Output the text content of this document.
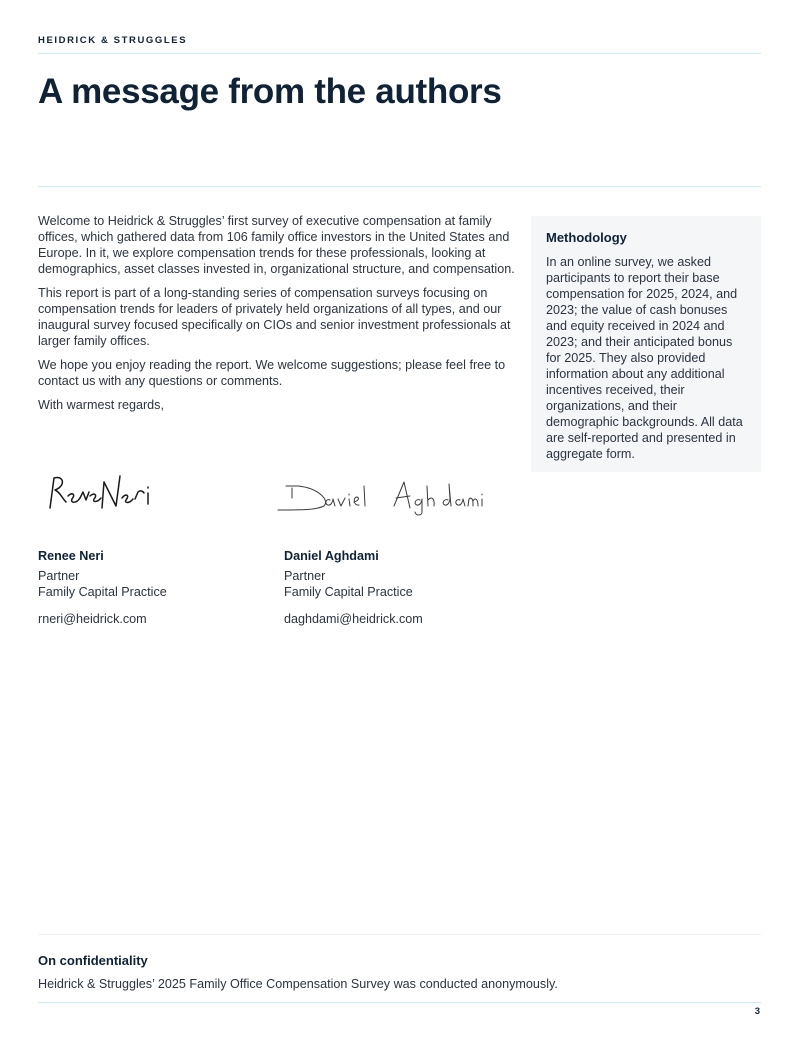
HEIDRICK & STRUGGLES
A message from the authors

Welcome to Heidrick & Struggles’ first survey of executive compensation at family offices, which gathered data from 106 family office investors in the United States and Europe. In it, we explore compensation trends for these professionals, looking at demographics, asset classes invested in, organizational structure, and compensation.

This report is part of a long-standing series of compensation surveys focusing on compensation trends for leaders of privately held organizations of all types, and our inaugural survey focused specifically on CIOs and senior investment professionals at larger family offices.

We hope you enjoy reading the report. We welcome suggestions; please feel free to contact us with any questions or comments.

With warmest regards,

Methodology

In an online survey, we asked participants to report their base compensation for 2025, 2024, and 2023; the value of cash bonuses and equity received in 2024 and 2023; and their anticipated bonus for 2025. They also provided information about any additional incentives received, their organizations, and their demographic backgrounds. All data are self-reported and presented in aggregate form.

Renee Neri
Partner
Family Capital Practice
rneri@heidrick.com
Daniel Aghdami
Partner
Family Capital Practice
daghdami@heidrick.com
On confidentiality
Heidrick & Struggles’ 2025 Family Office Compensation Survey was conducted anonymously.
3
